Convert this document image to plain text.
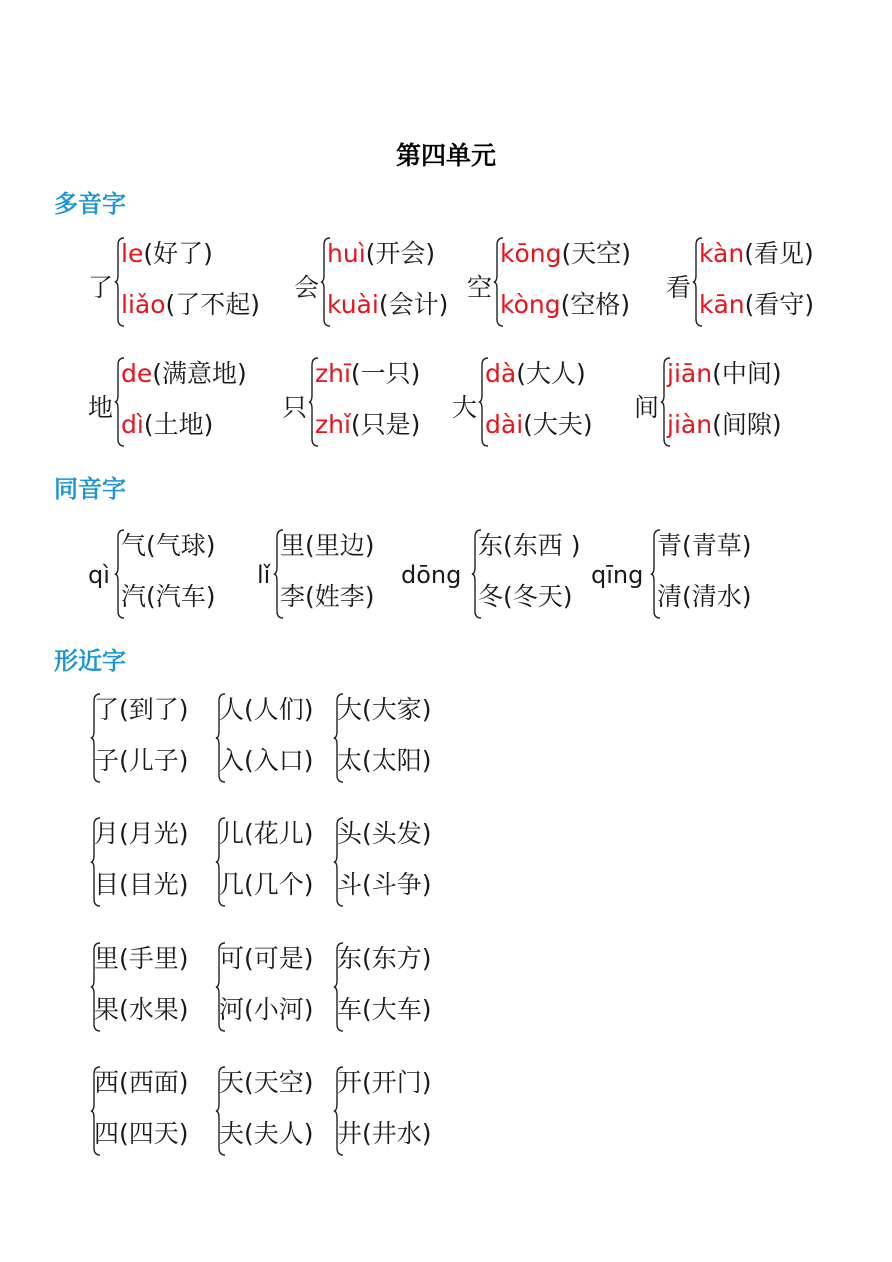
第四单元
多音字
同音字
形近字
了
le(好了)
liǎo(了不起)
会
huì(开会)
kuài(会计)
空
kōng(天空)
kòng(空格)
看
kàn(看见)
kān(看守)
地
de(满意地)
dì(土地)
只
zhī(一只)
zhǐ(只是)
大
dà(大人)
dài(大夫)
间
jiān(中间)
jiàn(间隙)
qì
气(气球)
汽(汽车)
lǐ
里(里边)
李(姓李)
dōng
东(东西 )
冬(冬天)
qīng
青(青草)
清(清水)
了(到了)
子(儿子)
人(人们)
入(入口)
大(大家)
太(太阳)
月(月光)
目(目光)
儿(花儿)
几(几个)
头(头发)
斗(斗争)
里(手里)
果(水果)
可(可是)
河(小河)
东(东方)
车(大车)
西(西面)
四(四天)
天(天空)
夫(夫人)
开(开门)
井(井水)
